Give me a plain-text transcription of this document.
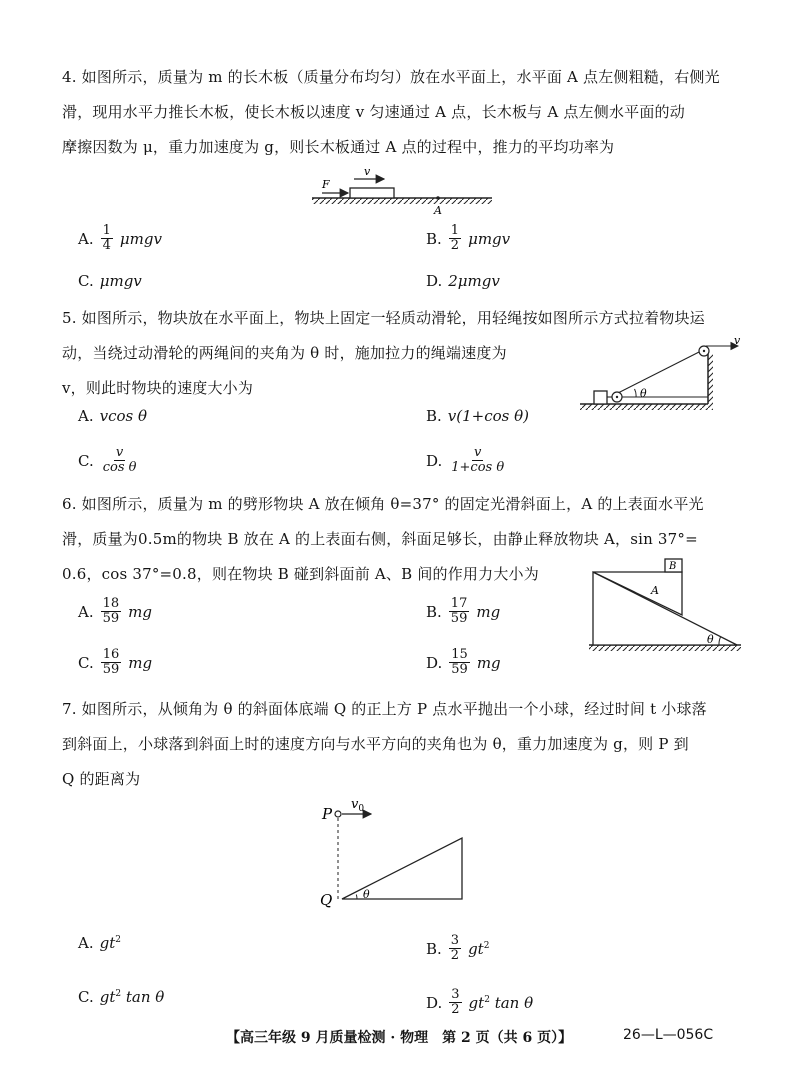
4. 如图所示，质量为 m 的长木板（质量分布均匀）放在水平面上，水平面 A 点左侧粗糙，右侧光
滑，现用水平力推长木板，使长木板以速度 v 匀速通过 A 点，长木板与 A 点左侧水平面的动
摩擦因数为 μ，重力加速度为 g，则长木板通过 A 点的过程中，推力的平均功率为
F
v
A
A. $\frac{1}{4}$ μmgv	B. $\frac{1}{2}$ μmgv
C. μmgv	D. 2μmgv
5. 如图所示，物块放在水平面上，物块上固定一轻质动滑轮，用轻绳按如图所示方式拉着物块运
动，当绕过动滑轮的两绳间的夹角为 θ 时，施加拉力的绳端速度为
v，则此时物块的速度大小为
v
θ
A. vcos θ	B. v(1+cos θ)
C. $\frac{v}{\text{cos θ}}$	D. $\frac{v}{\text{1+cos θ}}$
6. 如图所示，质量为 m 的劈形物块 A 放在倾角 θ=37° 的固定光滑斜面上，A 的上表面水平光
滑，质量为0.5m的物块 B 放在 A 的上表面右侧，斜面足够长，由静止释放物块 A，sin 37°=
0.6，cos 37°=0.8，则在物块 B 碰到斜面前 A、B 间的作用力大小为
A
B
θ
A. $\frac{18}{59}$ mg	B. $\frac{17}{59}$ mg
C. $\frac{16}{59}$ mg	D. $\frac{15}{59}$ mg
7. 如图所示，从倾角为 θ 的斜面体底端 Q 的正上方 P 点水平抛出一个小球，经过时间 t 小球落
到斜面上，小球落到斜面上时的速度方向与水平方向的夹角也为 θ，重力加速度为 g，则 P 到
Q 的距离为
$v_0$
P
Q	θ
A. $gt^2$	B. $\frac{3}{2} gt^2$
C. $gt^2$ tan θ	D. $\frac{3}{2} gt^2$ tan θ
【高三年级 9 月质量检测 · 物理　第 2 页（共 6 页）】	26—L—056C
